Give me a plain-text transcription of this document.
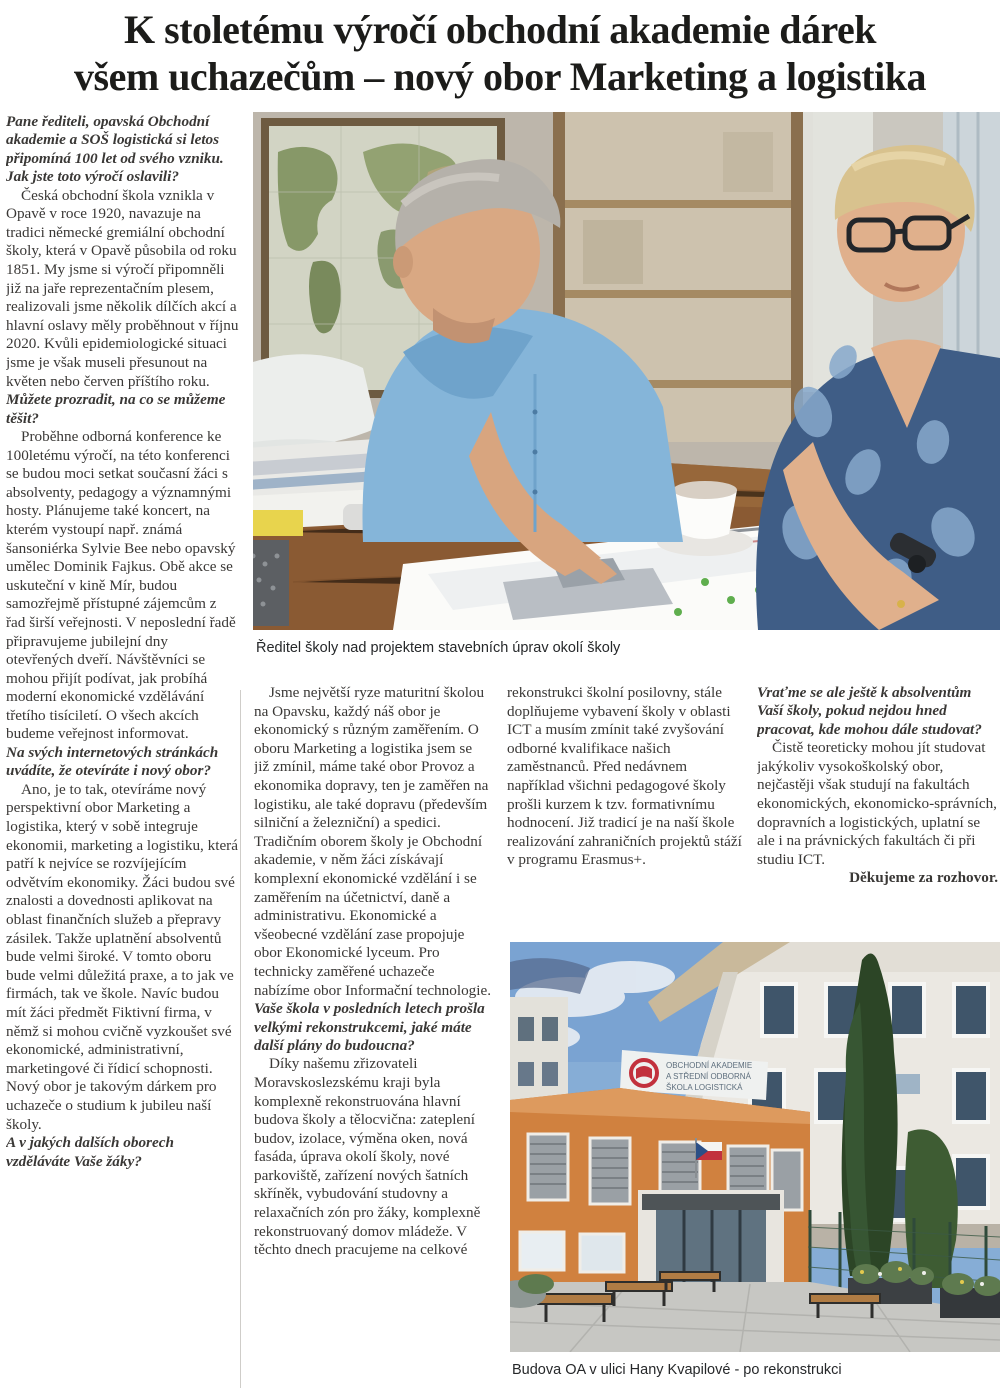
K stoletému výročí obchodní akademie dárek
všem uchazečům – nový obor Marketing a logistika

Pane řediteli, opavská Obchodní akademie a SOŠ logistická si letos připomíná 100 let od svého vzniku. Jak jste toto výročí oslavili?

Česká obchodní škola vznikla v Opavě v roce 1920, navazuje na tradici německé gremiální obchodní školy, která v Opavě působila od roku 1851. My jsme si výročí připomněli již na jaře reprezentačním plesem, realizovali jsme několik dílčích akcí a hlavní oslavy měly proběhnout v říjnu 2020. Kvůli epidemiologické situaci jsme je však museli přesunout na květen nebo červen příštího roku.

Můžete prozradit, na co se můžeme těšit?

Proběhne odborná konference ke 100letému výročí, na této konferenci se budou moci setkat současní žáci s absolventy, pedagogy a významnými hosty. Plánujeme také koncert, na kterém vystoupí např. známá šansoniérka Sylvie Bee nebo opavský umělec Dominik Fajkus. Obě akce se uskuteční v kině Mír, budou samozřejmě přístupné zájemcům z řad širší veřejnosti. V neposlední řadě připravujeme jubilejní dny otevřených dveří. Návštěvníci se mohou přijít podívat, jak probíhá moderní ekonomické vzdělávání třetího tisíciletí. O všech akcích budeme veřejnost informovat.

Na svých internetových stránkách uvádíte, že otevíráte i nový obor?

Ano, je to tak, otevíráme nový perspektivní obor Marketing a logistika, který v sobě integruje ekonomii, marketing a logistiku, která patří k nejvíce se rozvíjejícím odvětvím ekonomiky. Žáci budou své znalosti a dovednosti aplikovat na oblast finančních služeb a přepravy zásilek. Takže uplatnění absolventů bude velmi široké. V tomto oboru bude velmi důležitá praxe, a to jak ve firmách, tak ve škole. Navíc budou mít žáci předmět Fiktivní firma, v němž si mohou cvičně vyzkoušet své ekonomické, administrativní, marketingové či řídicí schopnosti. Nový obor je takovým dárkem pro uchazeče o studium k jubileu naší školy.

A v jakých dalších oborech vzděláváte Vaše žáky?

Ředitel školy nad projektem stavebních úprav okolí školy

Jsme největší ryze maturitní školou na Opavsku, každý náš obor je ekonomický s různým zaměřením. O oboru Marketing a logistika jsem se již zmínil, máme také obor Provoz a ekonomika dopravy, ten je zaměřen na logistiku, ale také dopravu (především silniční a železniční) a spedici. Tradičním oborem školy je Obchodní akademie, v něm žáci získávají komplexní ekonomické vzdělání i se zaměřením na účetnictví, daně a administrativu. Ekonomické a všeobecné vzdělání zase propojuje obor Ekonomické lyceum. Pro technicky zaměřené uchazeče nabízíme obor Informační technologie.

Vaše škola v posledních letech prošla velkými rekonstrukcemi, jaké máte další plány do budoucna?

Díky našemu zřizovateli Moravskoslezskému kraji byla komplexně rekonstruována hlavní budova školy a tělocvična: zateplení budov, izolace, výměna oken, nová fasáda, úprava okolí školy, nové parkoviště, zařízení nových šatních skříněk, vybudování studovny a relaxačních zón pro žáky, komplexně rekonstruovaný domov mládeže. V těchto dnech pracujeme na celkové

rekonstrukci školní posilovny, stále doplňujeme vybavení školy v oblasti ICT a musím zmínit také zvyšování odborné kvalifikace našich zaměstnanců. Před nedávnem například všichni pedagogové školy prošli kurzem k tzv. formativnímu hodnocení. Již tradicí je na naší škole realizování zahraničních projektů stáží v programu Erasmus+.

Vraťme se ale ještě k absolventům Vaší školy, pokud nejdou hned pracovat, kde mohou dále studovat?

Čistě teoreticky mohou jít studovat jakýkoliv vysokoškolský obor, nejčastěji však studují na fakultách ekonomických, ekonomicko-správních, dopravních a logistických, uplatní se ale i na právnických fakultách či při studiu ICT.

Děkujeme za rozhovor.

OBCHODNÍ AKADEMIE
A STŘEDNÍ ODBORNÁ
ŠKOLA LOGISTICKÁ
Budova OA v ulici Hany Kvapilové - po rekonstrukci
